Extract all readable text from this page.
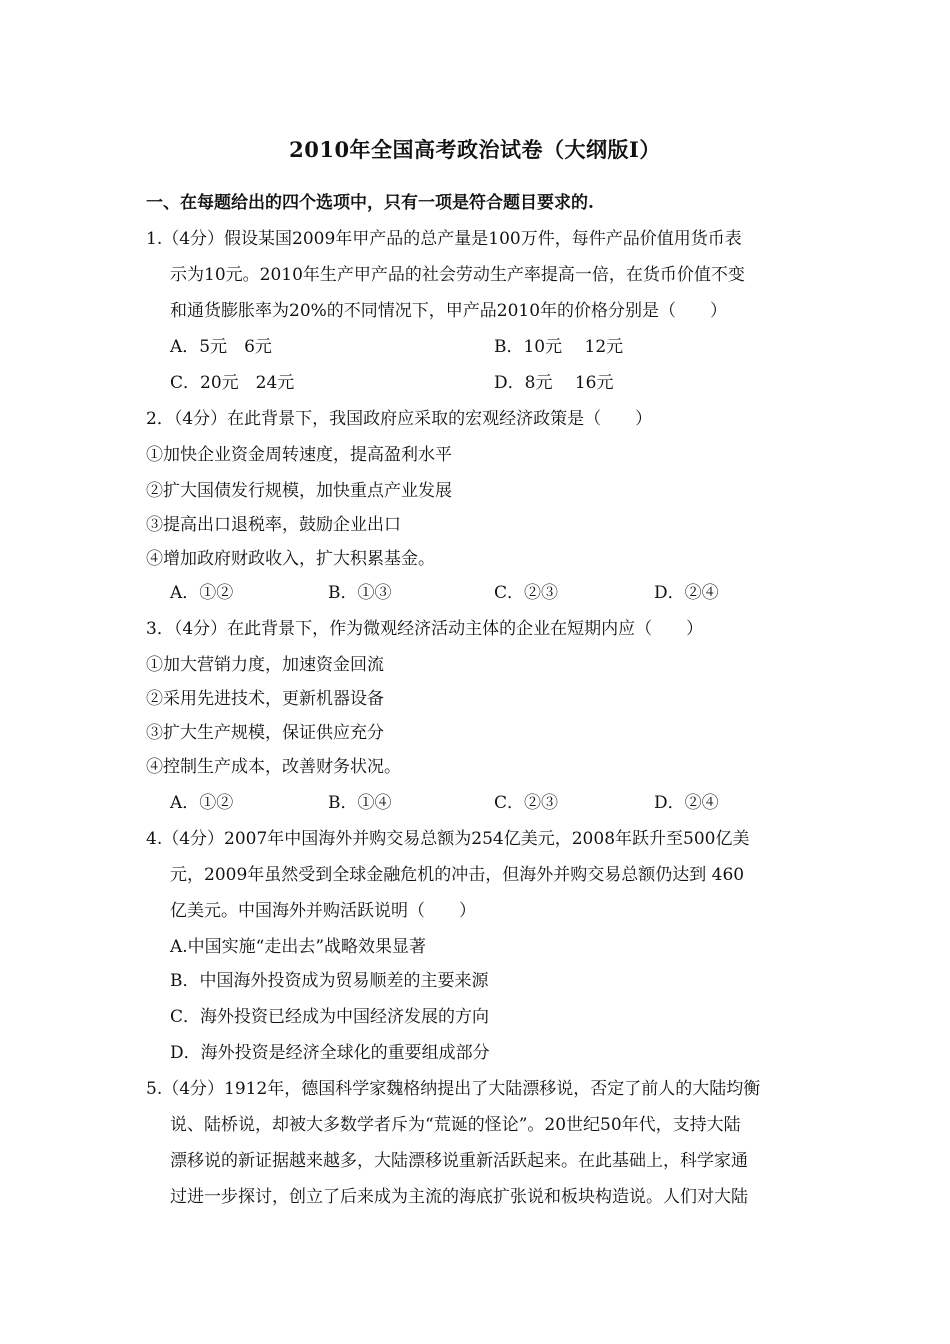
2010年全国高考政治试卷（大纲版Ⅰ）
一、在每题给出的四个选项中，只有一项是符合题目要求的.
1.（4分）假设某国2009年甲产品的总产量是100万件，每件产品价值用货币表
示为10元。2010年生产甲产品的社会劳动生产率提高一倍，在货币价值不变
和通货膨胀率为20%的不同情况下，甲产品2010年的价格分别是（　　）
A．5元　6元	B．10元　 12元
C．20元　24元	D．8元　 16元
2．（4分）在此背景下，我国政府应采取的宏观经济政策是（　　）
①加快企业资金周转速度，提高盈利水平
②扩大国债发行规模，加快重点产业发展
③提高出口退税率，鼓励企业出口
④增加政府财政收入，扩大积累基金。
A．①②	B．①③	C．②③	D．②④
3．（4分）在此背景下，作为微观经济活动主体的企业在短期内应（　　）
①加大营销力度，加速资金回流
②采用先进技术，更新机器设备
③扩大生产规模，保证供应充分
④控制生产成本，改善财务状况。
A．①②	B．①④	C．②③	D．②④
4.（4分）2007年中国海外并购交易总额为254亿美元，2008年跃升至500亿美
元，2009年虽然受到全球金融危机的冲击，但海外并购交易总额仍达到 460
亿美元。中国海外并购活跃说明（　　）
A.中国实施“走出去”战略效果显著
B．中国海外投资成为贸易顺差的主要来源
C．海外投资已经成为中国经济发展的方向
D．海外投资是经济全球化的重要组成部分
5.（4分）1912年，德国科学家魏格纳提出了大陆漂移说，否定了前人的大陆均衡
说、陆桥说，却被大多数学者斥为“荒诞的怪论”。20世纪50年代，支持大陆
漂移说的新证据越来越多，大陆漂移说重新活跃起来。在此基础上，科学家通
过进一步探讨，创立了后来成为主流的海底扩张说和板块构造说。人们对大陆
